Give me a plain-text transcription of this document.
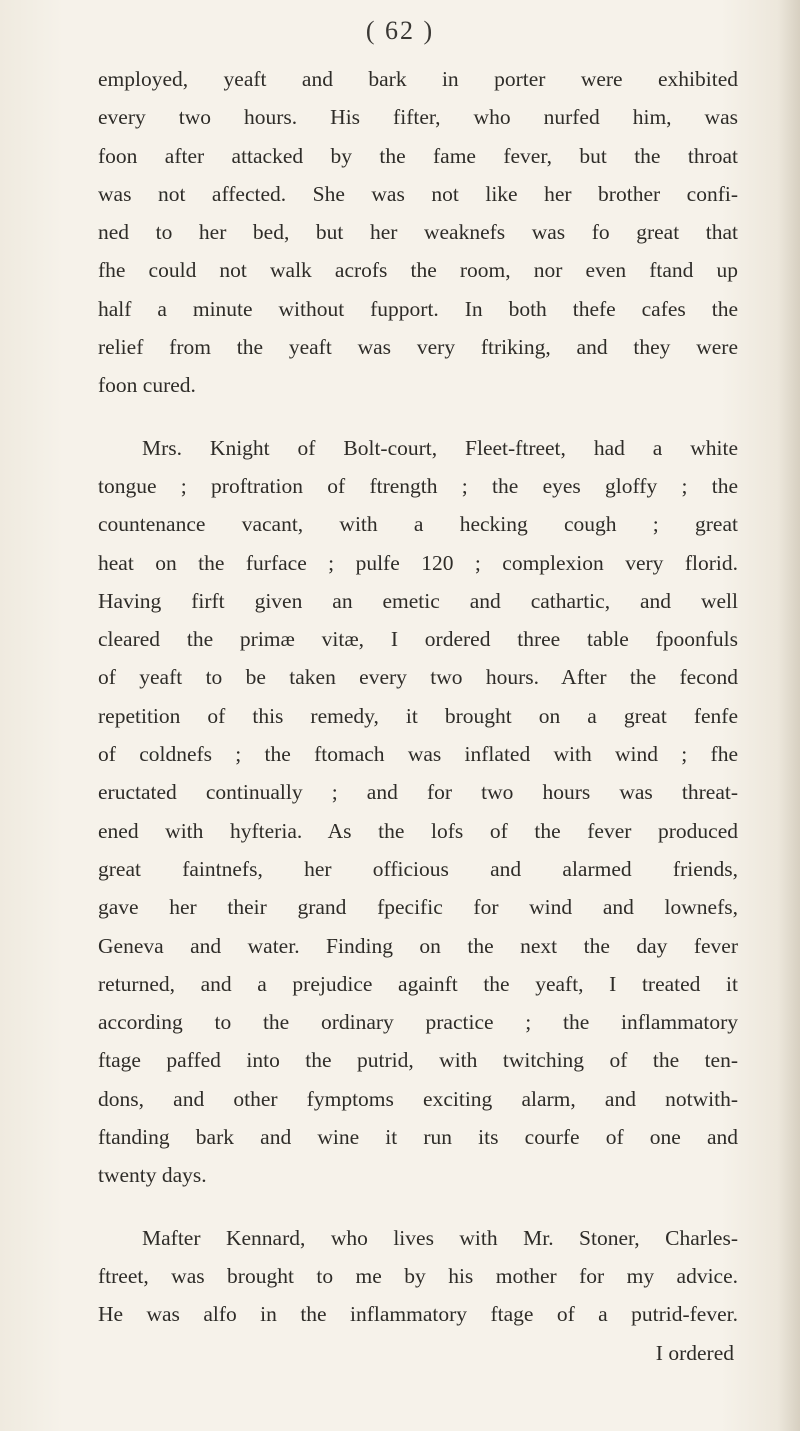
( 62 )
employed, yeaft and bark in porter were exhibited
every two hours. His fifter, who nurfed him, was
foon after attacked by the fame fever, but the throat
was not affected. She was not like her brother confi-
ned to her bed, but her weaknefs was fo great that
fhe could not walk acrofs the room, nor even ftand up
half a minute without fupport. In both thefe cafes the
relief from the yeaft was very ftriking, and they were
foon cured.
Mrs. Knight of Bolt-court, Fleet-ftreet, had a white
tongue ; proftration of ftrength ; the eyes gloffy ; the
countenance vacant, with a hecking cough ; great
heat on the furface ; pulfe 120 ; complexion very florid.
Having firft given an emetic and cathartic, and well
cleared the primæ vitæ, I ordered three table fpoonfuls
of yeaft to be taken every two hours. After the fecond
repetition of this remedy, it brought on a great fenfe
of coldnefs ; the ftomach was inflated with wind ; fhe
eructated continually ; and for two hours was threat-
ened with hyfteria. As the lofs of the fever produced
great faintnefs, her officious and alarmed friends,
gave her their grand fpecific for wind and lownefs,
Geneva and water. Finding on the next the day fever
returned, and a prejudice againft the yeaft, I treated it
according to the ordinary practice ; the inflammatory
ftage paffed into the putrid, with twitching of the ten-
dons, and other fymptoms exciting alarm, and notwith-
ftanding bark and wine it run its courfe of one and
twenty days.
Mafter Kennard, who lives with Mr. Stoner, Charles-
ftreet, was brought to me by his mother for my advice.
He was alfo in the inflammatory ftage of a putrid-fever.
I ordered
